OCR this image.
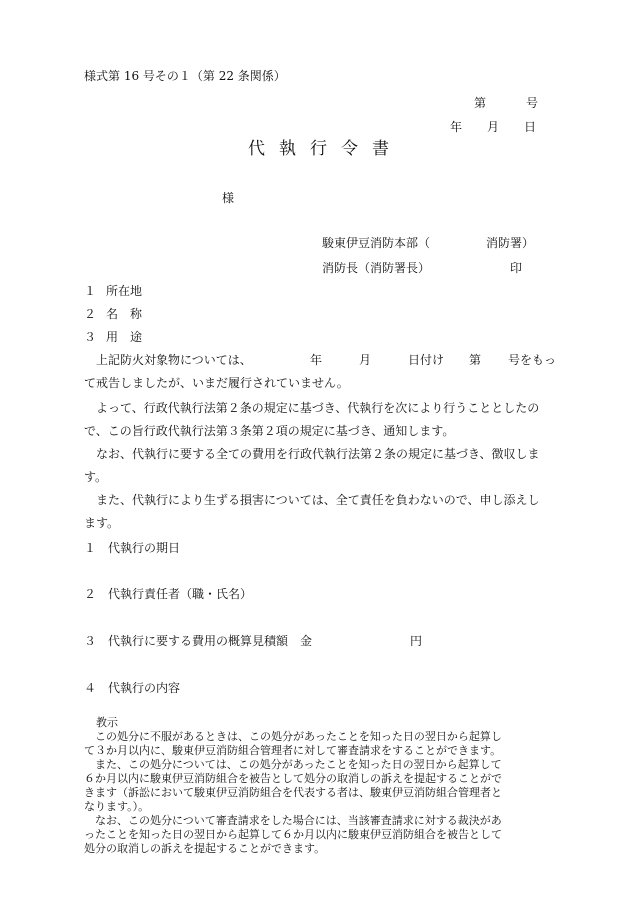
様式第 16 号その１（第 22 条関係）
第	号
年 月 日
代執行令書
様
駿東伊豆消防本部（	消防署）
消防長（消防署長）	印
１ 所在地
２ 名　称
３ 用　途
上記防火対象物については、	年	月	日付け 第 号をもっ
て戒告しましたが、いまだ履行されていません。
よって、行政代執行法第２条の規定に基づき、代執行を次により行うこととしたの
で、この旨行政代執行法第３条第２項の規定に基づき、通知します。
なお、代執行に要する全ての費用を行政代執行法第２条の規定に基づき、徴収しま
す。
また、代執行により生ずる損害については、全て責任を負わないので、申し添えし
ます。
１ 代執行の期日
２ 代執行責任者（職・氏名）
３ 代執行に要する費用の概算見積額　金	円
４ 代執行の内容
教示
　この処分に不服があるときは、この処分があったことを知った日の翌日から起算し
て３か月以内に、駿東伊豆消防組合管理者に対して審査請求をすることができます。
　また、この処分については、この処分があったことを知った日の翌日から起算して
６か月以内に駿東伊豆消防組合を被告として処分の取消しの訴えを提起することがで
きます（訴訟において駿東伊豆消防組合を代表する者は、駿東伊豆消防組合管理者と
なります。）。
　なお、この処分について審査請求をした場合には、当該審査請求に対する裁決があ
ったことを知った日の翌日から起算して６か月以内に駿東伊豆消防組合を被告として
処分の取消しの訴えを提起することができます。
